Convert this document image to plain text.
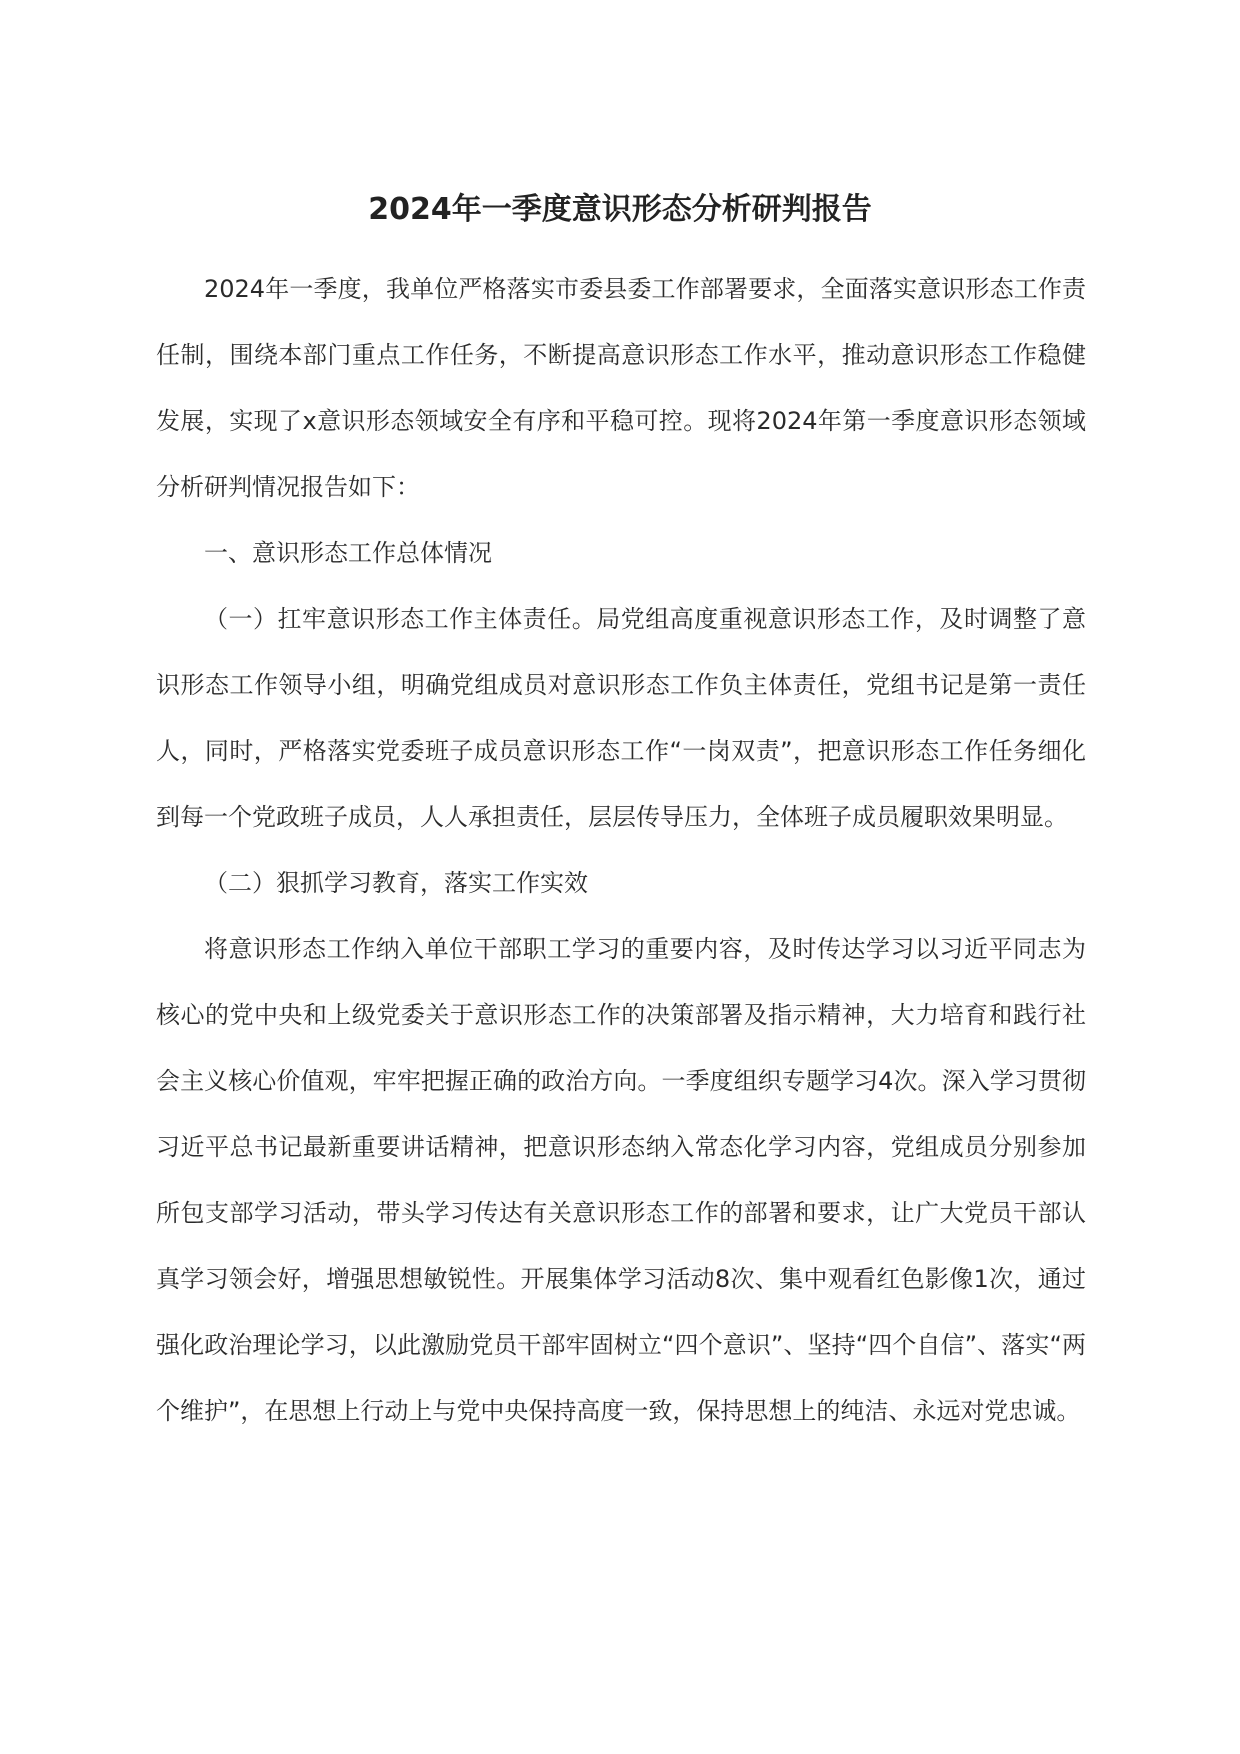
2024年一季度意识形态分析研判报告

2024年一季度，我单位严格落实市委县委工作部署要求，全面落实意识形态工作责任制，围绕本部门重点工作任务，不断提高意识形态工作水平，推动意识形态工作稳健发展，实现了x意识形态领域安全有序和平稳可控。现将2024年第一季度意识形态领域分析研判情况报告如下：

一、意识形态工作总体情况

（一）扛牢意识形态工作主体责任。局党组高度重视意识形态工作，及时调整了意识形态工作领导小组，明确党组成员对意识形态工作负主体责任，党组书记是第一责任人，同时，严格落实党委班子成员意识形态工作“一岗双责”，把意识形态工作任务细化到每一个党政班子成员，人人承担责任，层层传导压力，全体班子成员履职效果明显。

（二）狠抓学习教育，落实工作实效

将意识形态工作纳入单位干部职工学习的重要内容，及时传达学习以习近平同志为核心的党中央和上级党委关于意识形态工作的决策部署及指示精神，大力培育和践行社会主义核心价值观，牢牢把握正确的政治方向。一季度组织专题学习4次。深入学习贯彻习近平总书记最新重要讲话精神，把意识形态纳入常态化学习内容，党组成员分别参加所包支部学习活动，带头学习传达有关意识形态工作的部署和要求，让广大党员干部认真学习领会好，增强思想敏锐性。开展集体学习活动8次、集中观看红色影像1次，通过强化政治理论学习，以此激励党员干部牢固树立“四个意识”、坚持“四个自信”、落实“两个维护”，在思想上行动上与党中央保持高度一致，保持思想上的纯洁、永远对党忠诚。
